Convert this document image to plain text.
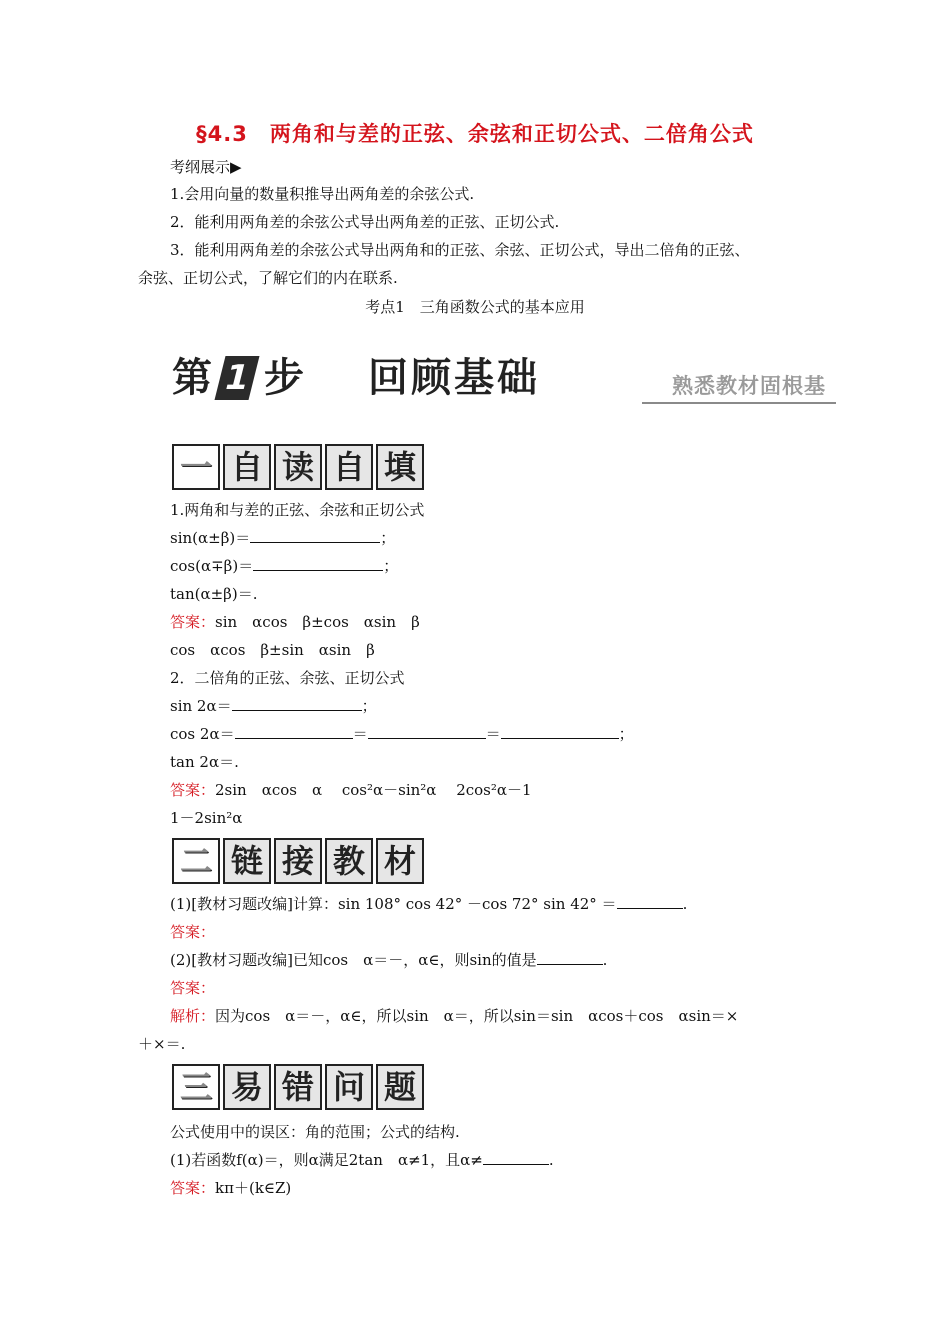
§4.3　两角和与差的正弦、余弦和正切公式、二倍角公式
考纲展示▶
1.会用向量的数量积推导出两角差的余弦公式.
2．能利用两角差的余弦公式导出两角差的正弦、正切公式.
3．能利用两角差的余弦公式导出两角和的正弦、余弦、正切公式，导出二倍角的正弦、
余弦、正切公式，了解它们的内在联系.
考点1　三角函数公式的基本应用
第 1 步 回顾基础	熟悉教材固根基
一 自 读 自 填
1.两角和与差的正弦、余弦和正切公式
sin(α±β)＝	；
cos(α∓β)＝	；
tan(α±β)＝.
答案：sin　αcos　β±cos　αsin　β
cos　αcos　β±sin　αsin　β
2．二倍角的正弦、余弦、正切公式
sin 2α＝	；
cos 2α＝	＝	＝	；
tan 2α＝.
答案：2sin　αcos　α　 cos²α－sin²α　 2cos²α－1
1－2sin²α
二 链 接 教 材
(1)[教材习题改编]计算：sin 108° cos 42° －cos 72° sin 42° ＝	.
答案：
(2)[教材习题改编]已知cos　α＝－，α∈，则sin的值是	.
答案：
解析：因为cos　α＝－，α∈，所以sin　α＝，所以sin＝sin　αcos＋cos　αsin＝×
＋×＝.
三 易 错 问 题
公式使用中的误区：角的范围；公式的结构.
(1)若函数f(α)＝，则α满足2tan　α≠1，且α≠	.
答案：kπ＋(k∈Z)
